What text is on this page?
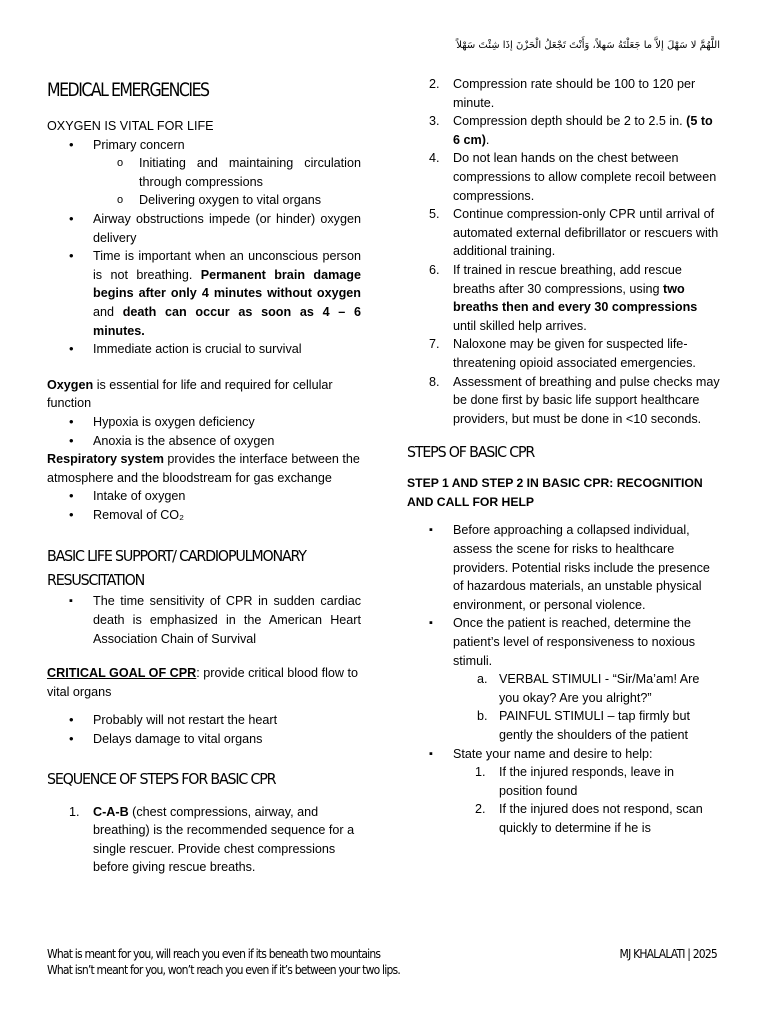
اللَّهُمَّ لا سَهْلَ إلاَّ ما جَعَلْتَهُ سَهلاً، وَأَنْتَ تَجْعَلُ الْحَزْنَ إذَا شِئْتَ سَهْلاً
MEDICAL EMERGENCIES

OXYGEN IS VITAL FOR LIFE

• Primary concern
o Initiating and maintaining circulation through compressions
o Delivering oxygen to vital organs
• Airway obstructions impede (or hinder) oxygen delivery
• Time is important when an unconscious person is not breathing. Permanent brain damage begins after only 4 minutes without oxygen and death can occur as soon as 4 – 6 minutes.
• Immediate action is crucial to survival

Oxygen is essential for life and required for cellular function

• Hypoxia is oxygen deficiency
• Anoxia is the absence of oxygen

Respiratory system provides the interface between the atmosphere and the bloodstream for gas exchange

• Intake of oxygen
• Removal of CO₂
BASIC LIFE SUPPORT/ CARDIOPULMONARY RESUSCITATION
▪ The time sensitivity of CPR in sudden cardiac death is emphasized in the American Heart Association Chain of Survival

CRITICAL GOAL OF CPR: provide critical blood flow to vital organs

• Probably will not restart the heart
• Delays damage to vital organs
SEQUENCE OF STEPS FOR BASIC CPR
1. C-A-B (chest compressions, airway, and breathing) is the recommended sequence for a single rescuer. Provide chest compressions before giving rescue breaths.
2. Compression rate should be 100 to 120 per minute.
3. Compression depth should be 2 to 2.5 in. (5 to 6 cm).
4. Do not lean hands on the chest between compressions to allow complete recoil between compressions.
5. Continue compression-only CPR until arrival of automated external defibrillator or rescuers with additional training.
6. If trained in rescue breathing, add rescue breaths after 30 compressions, using two breaths then and every 30 compressions until skilled help arrives.
7. Naloxone may be given for suspected life-threatening opioid associated emergencies.
8. Assessment of breathing and pulse checks may be done first by basic life support healthcare providers, but must be done in <10 seconds.
STEPS OF BASIC CPR

STEP 1 AND STEP 2 IN BASIC CPR: RECOGNITION AND CALL FOR HELP

▪ Before approaching a collapsed individual, assess the scene for risks to healthcare providers. Potential risks include the presence of hazardous materials, an unstable physical environment, or personal violence.
▪ Once the patient is reached, determine the patient’s level of responsiveness to noxious stimuli.
a. VERBAL STIMULI - “Sir/Ma’am! Are you okay? Are you alright?”
b. PAINFUL STIMULI – tap firmly but gently the shoulders of the patient
▪ State your name and desire to help:
1. If the injured responds, leave in position found
2. If the injured does not respond, scan quickly to determine if he is
What is meant for you, will reach you even if its beneath two mountains
What isn’t meant for you, won’t reach you even if it’s between your two lips.
MJ KHALALATI | 2025
